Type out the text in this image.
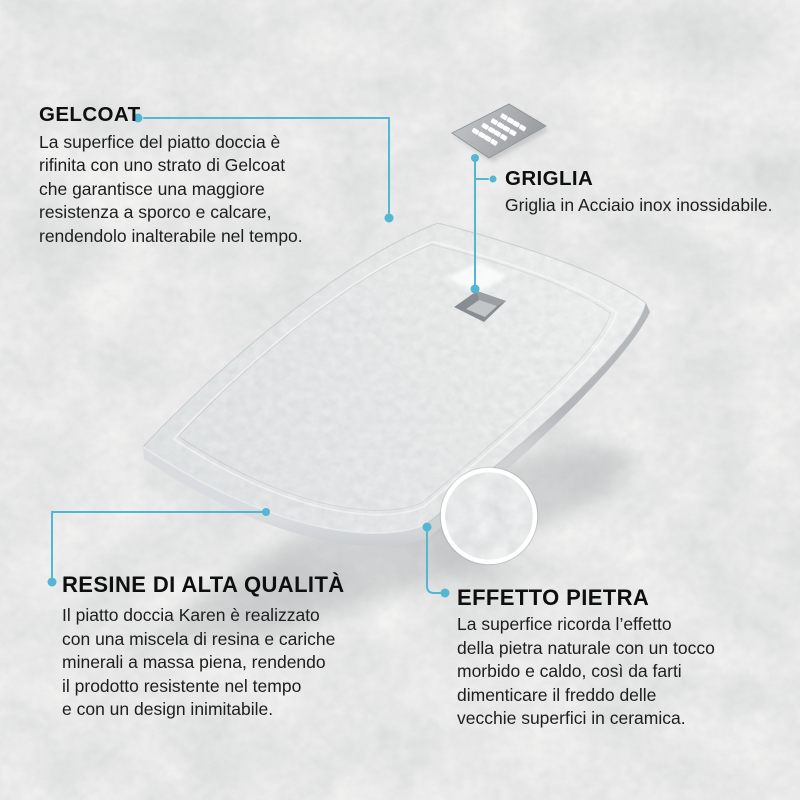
GELCOAT
La superfice del piatto doccia è
rifinita con uno strato di Gelcoat
che garantisce una maggiore
resistenza a sporco e calcare,
rendendolo inalterabile nel tempo.
GRIGLIA
Griglia in Acciaio inox inossidabile.
RESINE DI ALTA QUALITÀ
Il piatto doccia Karen è realizzato
con una miscela di resina e cariche
minerali a massa piena, rendendo
il prodotto resistente nel tempo
e con un design inimitabile.
EFFETTO PIETRA
La superfice ricorda l’effetto
della pietra naturale con un tocco
morbido e caldo, così da farti
dimenticare il freddo delle
vecchie superfici in ceramica.
